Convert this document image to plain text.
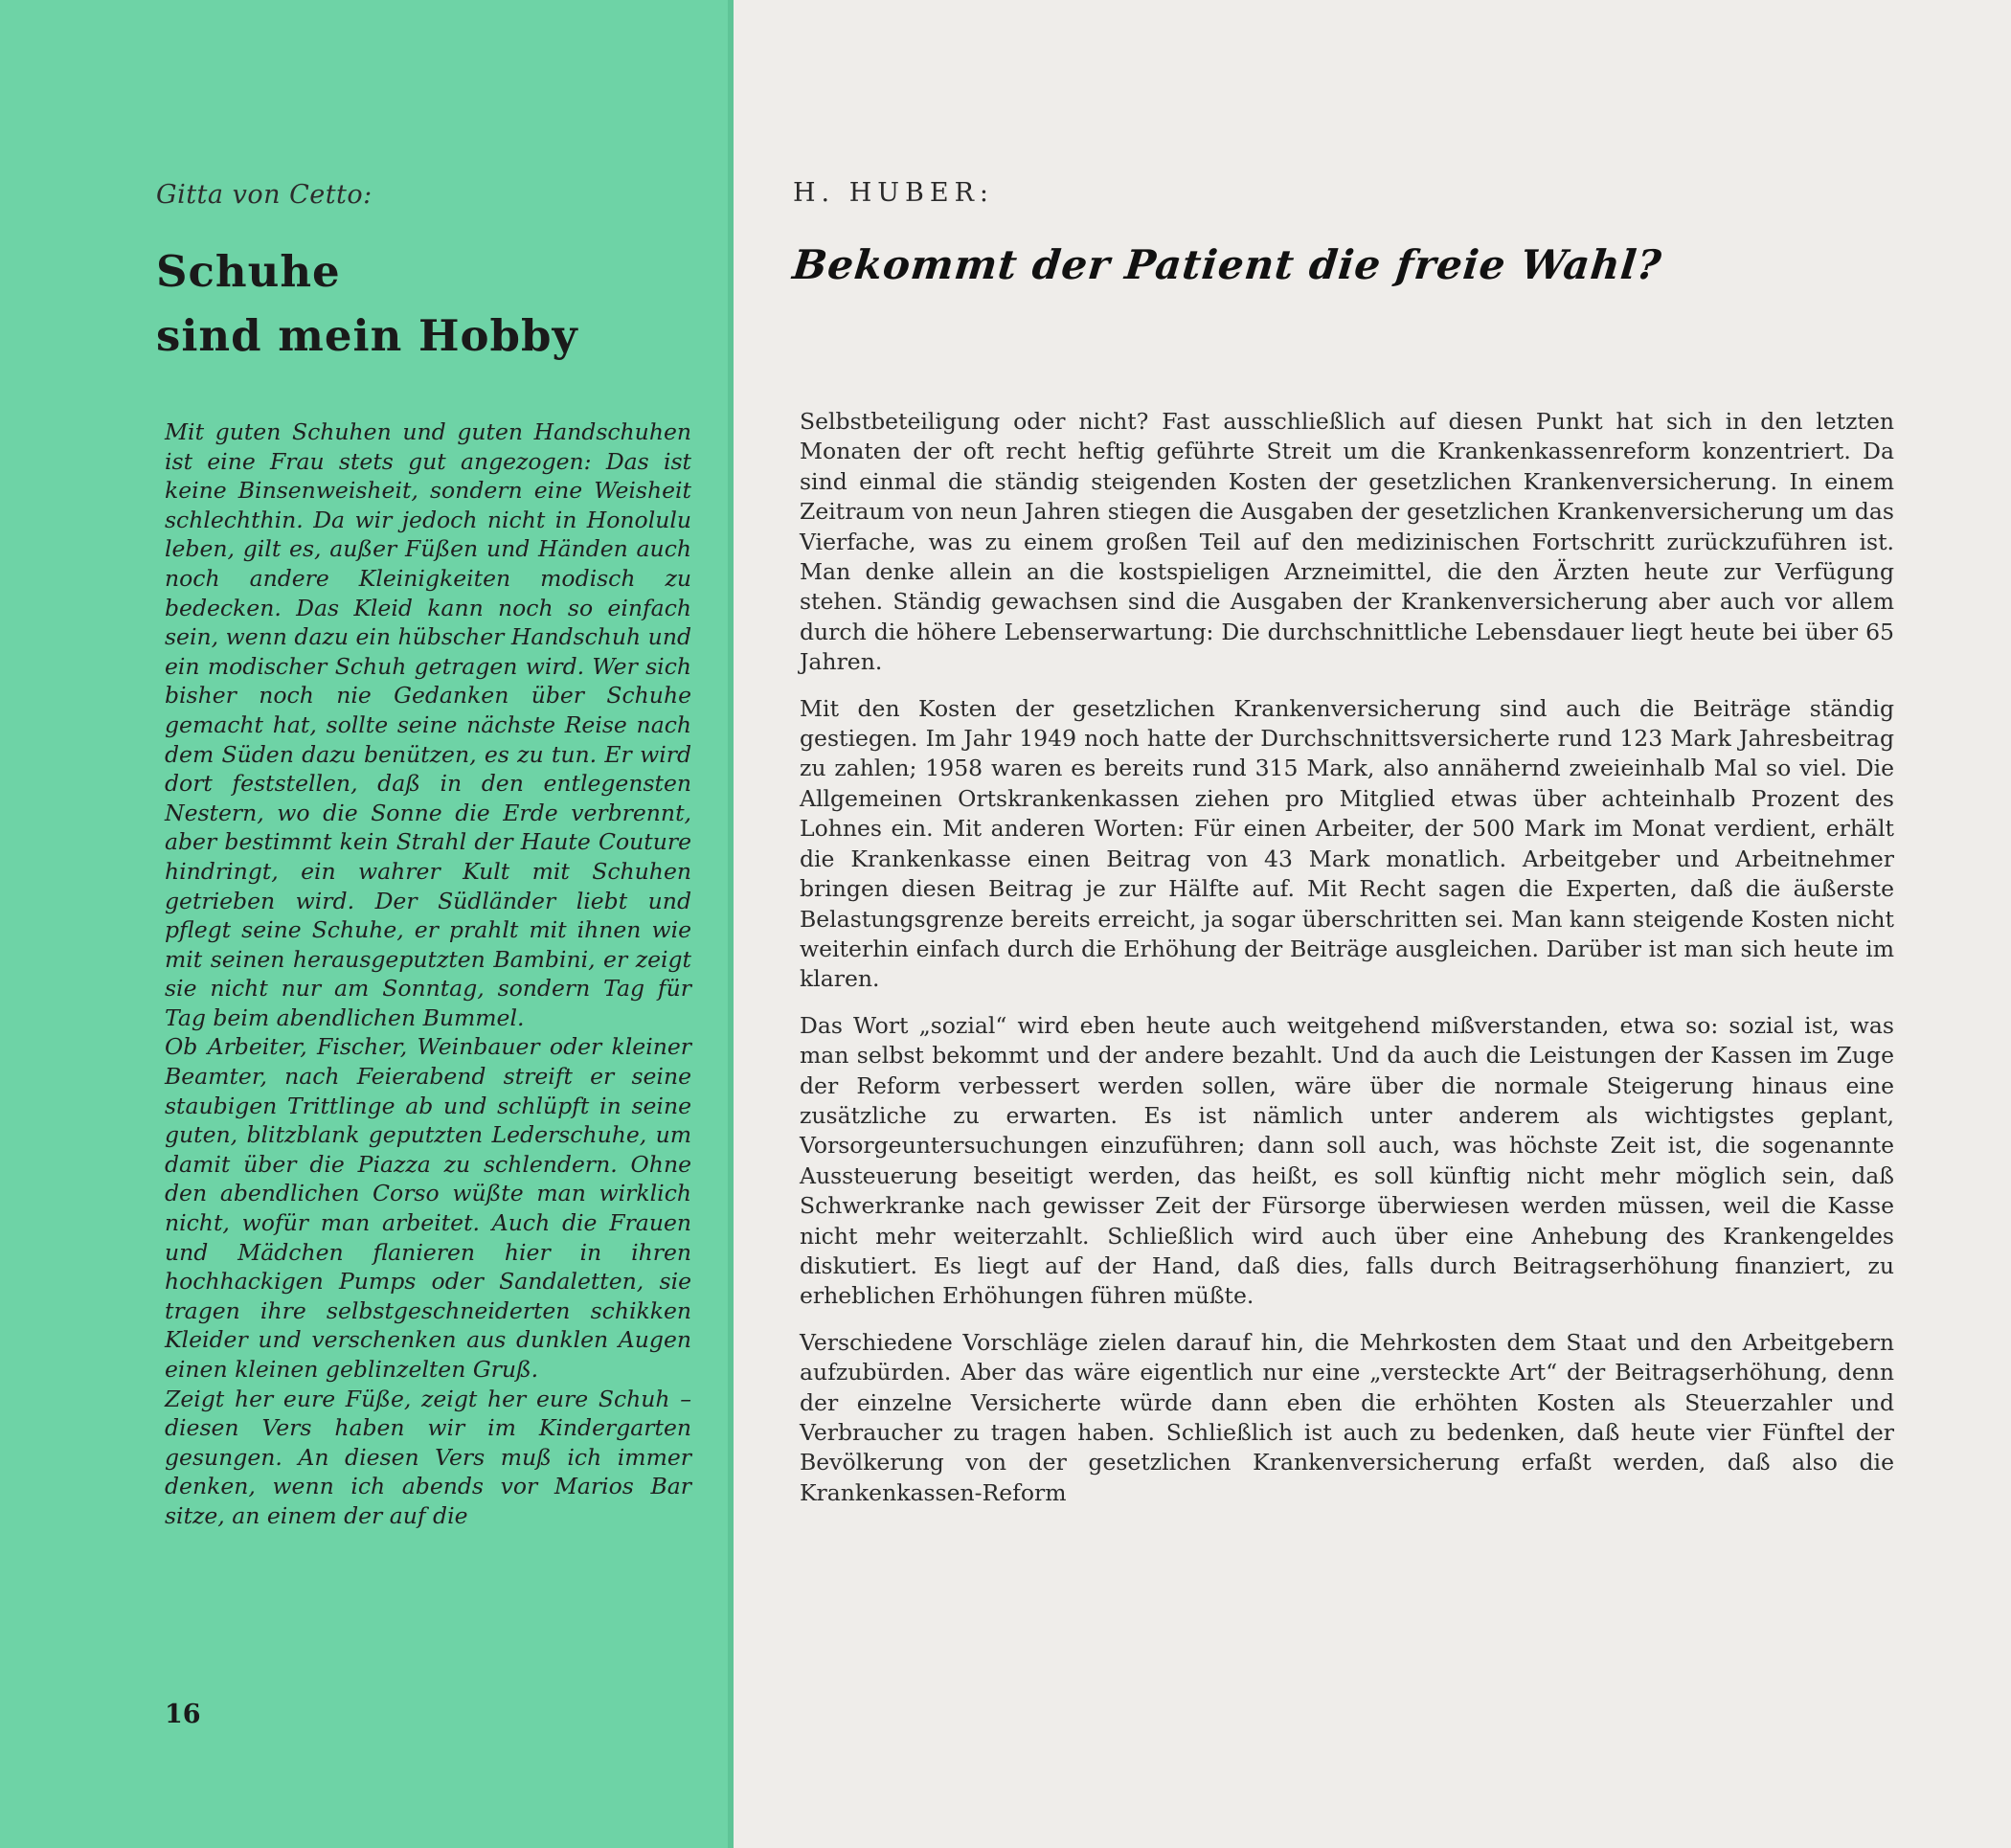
Gitta von Cetto:
Schuhe
sind mein Hobby

Mit guten Schuhen und guten Handschuhen ist eine Frau stets gut angezogen: Das ist keine Binsenweisheit, sondern eine Weisheit schlechthin. Da wir jedoch nicht in Honolulu leben, gilt es, außer Füßen und Händen auch noch andere Kleinigkeiten modisch zu bedecken. Das Kleid kann noch so einfach sein, wenn dazu ein hübscher Handschuh und ein modischer Schuh getragen wird. Wer sich bisher noch nie Gedanken über Schuhe gemacht hat, sollte seine nächste Reise nach dem Süden dazu benützen, es zu tun. Er wird dort feststellen, daß in den entlegensten Nestern, wo die Sonne die Erde verbrennt, aber bestimmt kein Strahl der Haute Couture hindringt, ein wahrer Kult mit Schuhen getrieben wird. Der Südländer liebt und pflegt seine Schuhe, er prahlt mit ihnen wie mit seinen herausgeputzten Bambini, er zeigt sie nicht nur am Sonntag, sondern Tag für Tag beim abendlichen Bummel.

Ob Arbeiter, Fischer, Weinbauer oder kleiner Beamter, nach Feierabend streift er seine staubigen Trittlinge ab und schlüpft in seine guten, blitzblank geputzten Lederschuhe, um damit über die Piazza zu schlendern. Ohne den abendlichen Corso wüßte man wirklich nicht, wofür man arbeitet. Auch die Frauen und Mädchen flanieren hier in ihren hochhackigen Pumps oder Sandaletten, sie tragen ihre selbstgeschneiderten schikken Kleider und verschenken aus dunklen Augen einen kleinen geblinzelten Gruß.

Zeigt her eure Füße, zeigt her eure Schuh – diesen Vers haben wir im Kindergarten gesungen. An diesen Vers muß ich immer denken, wenn ich abends vor Marios Bar sitze, an einem der auf die

16
H. HUBER:
Bekommt der Patient die freie Wahl?

Selbstbeteiligung oder nicht? Fast ausschließlich auf diesen Punkt hat sich in den letzten Monaten der oft recht heftig geführte Streit um die Krankenkassenreform konzentriert. Da sind einmal die ständig steigenden Kosten der gesetzlichen Krankenversicherung. In einem Zeitraum von neun Jahren stiegen die Ausgaben der gesetzlichen Krankenversicherung um das Vierfache, was zu einem großen Teil auf den medizinischen Fortschritt zurückzuführen ist. Man denke allein an die kostspieligen Arzneimittel, die den Ärzten heute zur Verfügung stehen. Ständig gewachsen sind die Ausgaben der Krankenversicherung aber auch vor allem durch die höhere Lebenserwartung: Die durchschnittliche Lebensdauer liegt heute bei über 65 Jahren.

Mit den Kosten der gesetzlichen Krankenversicherung sind auch die Beiträge ständig gestiegen. Im Jahr 1949 noch hatte der Durchschnittsversicherte rund 123 Mark Jahresbeitrag zu zahlen; 1958 waren es bereits rund 315 Mark, also annähernd zweieinhalb Mal so viel. Die Allgemeinen Ortskrankenkassen ziehen pro Mitglied etwas über achteinhalb Prozent des Lohnes ein. Mit anderen Worten: Für einen Arbeiter, der 500 Mark im Monat verdient, erhält die Krankenkasse einen Beitrag von 43 Mark monatlich. Arbeitgeber und Arbeitnehmer bringen diesen Beitrag je zur Hälfte auf. Mit Recht sagen die Experten, daß die äußerste Belastungsgrenze bereits erreicht, ja sogar überschritten sei. Man kann steigende Kosten nicht weiterhin einfach durch die Erhöhung der Beiträge ausgleichen. Darüber ist man sich heute im klaren.

Das Wort „sozial“ wird eben heute auch weitgehend mißverstanden, etwa so: sozial ist, was man selbst bekommt und der andere bezahlt. Und da auch die Leistungen der Kassen im Zuge der Reform verbessert werden sollen, wäre über die normale Steigerung hinaus eine zusätzliche zu erwarten. Es ist nämlich unter anderem als wichtigstes geplant, Vorsorgeuntersuchungen einzuführen; dann soll auch, was höchste Zeit ist, die sogenannte Aussteuerung beseitigt werden, das heißt, es soll künftig nicht mehr möglich sein, daß Schwerkranke nach gewisser Zeit der Fürsorge überwiesen werden müssen, weil die Kasse nicht mehr weiterzahlt. Schließlich wird auch über eine Anhebung des Krankengeldes diskutiert. Es liegt auf der Hand, daß dies, falls durch Beitragserhöhung finanziert, zu erheblichen Erhöhungen führen müßte.

Verschiedene Vorschläge zielen darauf hin, die Mehrkosten dem Staat und den Arbeitgebern aufzubürden. Aber das wäre eigentlich nur eine „versteckte Art“ der Beitragserhöhung, denn der einzelne Versicherte würde dann eben die erhöhten Kosten als Steuerzahler und Verbraucher zu tragen haben. Schließlich ist auch zu bedenken, daß heute vier Fünftel der Bevölkerung von der gesetzlichen Krankenversicherung erfaßt werden, daß also die Krankenkassen-Reform
